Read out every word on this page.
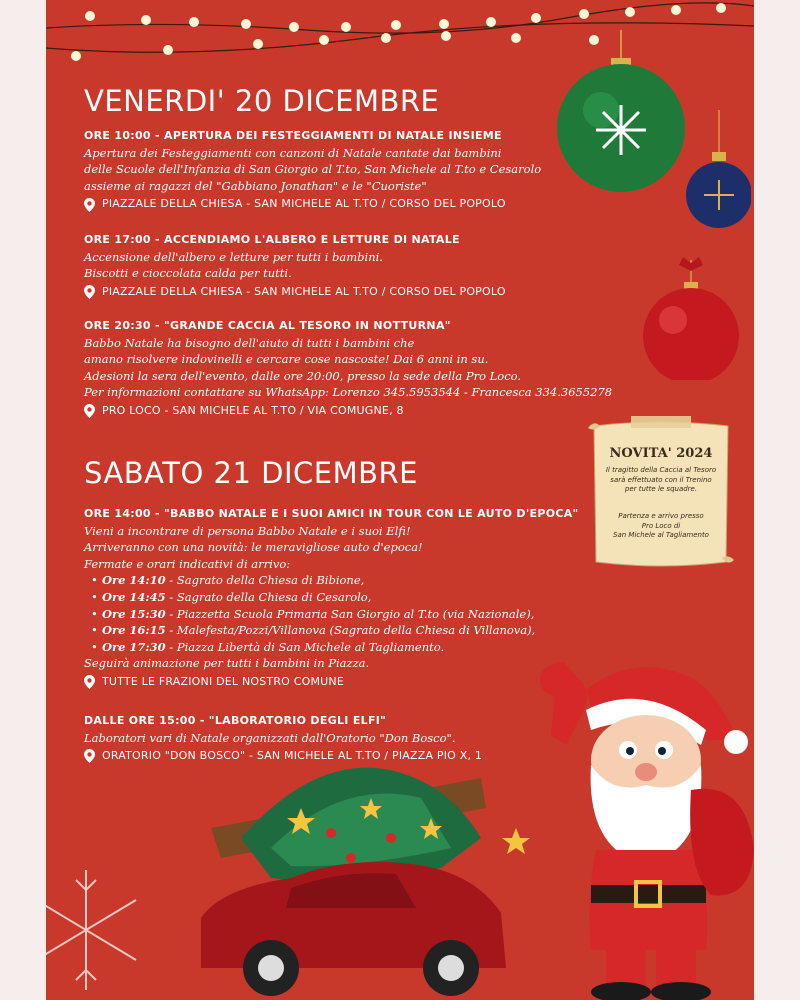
VENERDI' 20 DICEMBRE
ORE 10:00 - APERTURA DEI FESTEGGIAMENTI DI NATALE INSIEME
Apertura dei Festeggiamenti con canzoni di Natale cantate dai bambini
delle Scuole dell'Infanzia di San Giorgio al T.to, San Michele al T.to e Cesarolo
assieme ai ragazzi del "Gabbiano Jonathan" e le "Cuoriste"
PIAZZALE DELLA CHIESA - SAN MICHELE AL T.TO / CORSO DEL POPOLO
ORE 17:00 - ACCENDIAMO L'ALBERO E LETTURE DI NATALE
Accensione dell'albero e letture per tutti i bambini.
Biscotti e cioccolata calda per tutti.
PIAZZALE DELLA CHIESA - SAN MICHELE AL T.TO / CORSO DEL POPOLO
ORE 20:30 - "GRANDE CACCIA AL TESORO IN NOTTURNA"
Babbo Natale ha bisogno dell'aiuto di tutti i bambini che
amano risolvere indovinelli e cercare cose nascoste! Dai 6 anni in su.
Adesioni la sera dell'evento, dalle ore 20:00, presso la sede della Pro Loco.
Per informazioni contattare su WhatsApp: Lorenzo 345.5953544 - Francesca 334.3655278
PRO LOCO - SAN MICHELE AL T.TO / VIA COMUGNE, 8
NOVITA' 2024
Il tragitto della Caccia al Tesoro
sarà effettuato con il Trenino
per tutte le squadre.
Partenza e arrivo presso
Pro Loco di
San Michele al Tagliamento
SABATO 21 DICEMBRE
ORE 14:00 - "BABBO NATALE E I SUOI AMICI IN TOUR CON LE AUTO D'EPOCA"
Vieni a incontrare di persona Babbo Natale e i suoi Elfi!
Arriveranno con una novità: le meravigliose auto d'epoca!
Fermate e orari indicativi di arrivo:
• Ore 14:10 - Sagrato della Chiesa di Bibione,
• Ore 14:45 - Sagrato della Chiesa di Cesarolo,
• Ore 15:30 - Piazzetta Scuola Primaria San Giorgio al T.to (via Nazionale),
• Ore 16:15 - Malefesta/Pozzi/Villanova (Sagrato della Chiesa di Villanova),
• Ore 17:30 - Piazza Libertà di San Michele al Tagliamento.
Seguirà animazione per tutti i bambini in Piazza.
TUTTE LE FRAZIONI DEL NOSTRO COMUNE
DALLE ORE 15:00 - "LABORATORIO DEGLI ELFI"
Laboratori vari di Natale organizzati dall'Oratorio "Don Bosco".
ORATORIO "DON BOSCO" - SAN MICHELE AL T.TO / PIAZZA PIO X, 1
